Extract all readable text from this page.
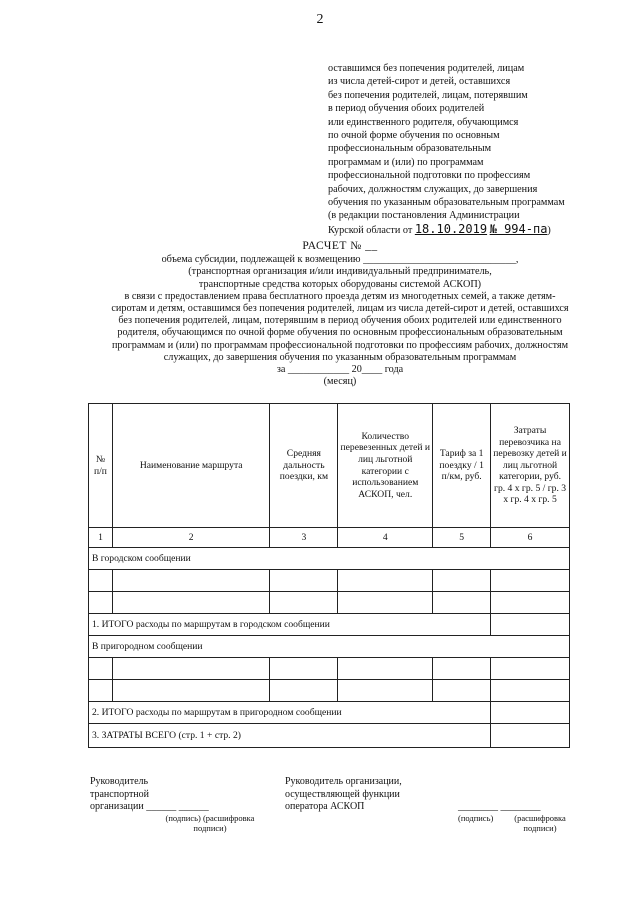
2
оставшимся без попечения родителей, лицам
из числа детей-сирот и детей, оставшихся
без попечения родителей, лицам, потерявшим
в период обучения обоих родителей
или единственного родителя, обучающимся
по очной форме обучения по основным
профессиональным образовательным
программам и (или) по программам
профессиональной подготовки по профессиям
рабочих, должностям служащих, до завершения
обучения по указанным образовательным программам
(в редакции постановления Администрации
Курской области от 18.10.2019 № 994-па)
РАСЧЕТ № __
объема субсидии, подлежащей к возмещению ______________________________,
(транспортная организация и/или индивидуальный предприниматель,
транспортные средства которых оборудованы системой АСКОП)
в связи с предоставлением права бесплатного проезда детям из многодетных семей, а также детям-
сиротам и детям, оставшимся без попечения родителей, лицам из числа детей-сирот и детей, оставшихся
без попечения родителей, лицам, потерявшим в период обучения обоих родителей или единственного
родителя, обучающимся по очной форме обучения по основным профессиональным образовательным
программам и (или) по программам профессиональной подготовки по профессиям рабочих, должностям
служащих, до завершения обучения по указанным образовательным программам
за ____________ 20____ года
(месяц)
№ п/п	Наименование маршрута	Средняя дальность поездки, км	Количество перевезенных детей и лиц льготной категории с использованием АСКОП, чел.	Тариф за 1 поездку / 1 п/км, руб.	Затраты перевозчика на перевозку детей и лиц льготной категории, руб. гр. 4 х гр. 5 / гр. 3 х гр. 4 х гр. 5
1	2	3	4	5	6
В городском сообщении					

1. ИТОГО расходы по маршрутам в городском сообщении					
В пригородном сообщении					

2. ИТОГО расходы по маршрутам в пригородном сообщении					
3. ЗАТРАТЫ ВСЕГО (стр. 1 + стр. 2)					
Руководитель
транспортной
организации ______ ______
(подпись) (расшифровка
подписи)
Руководитель организации,
осуществляющей функции
оператора АСКОП	________ ________
(подпись)	(расшифровка
подписи)
